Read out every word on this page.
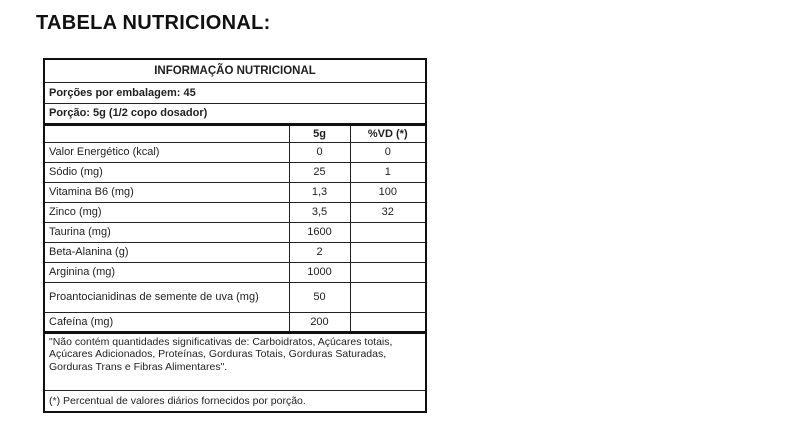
TABELA NUTRICIONAL:
INFORMAÇÃO NUTRICIONAL		
Porções por embalagem: 45		
Porção: 5g (1/2 copo dosador)		
	5g	%VD (*)
Valor Energético (kcal)	0	0
Sódio (mg)	25	1
Vitamina B6 (mg)	1,3	100
Zinco (mg)	3,5	32
Taurina (mg)	1600	
Beta-Alanina (g)	2	
Arginina (mg)	1000	
Proantocianidinas de semente de uva (mg)	50	
Cafeína (mg)	200	
"Não contém quantidades significativas de: Carboidratos, Açúcares totais, Açúcares Adicionados, Proteínas, Gorduras Totais, Gorduras Saturadas, Gorduras Trans e Fibras Alimentares".		
(*) Percentual de valores diários fornecidos por porção.		
